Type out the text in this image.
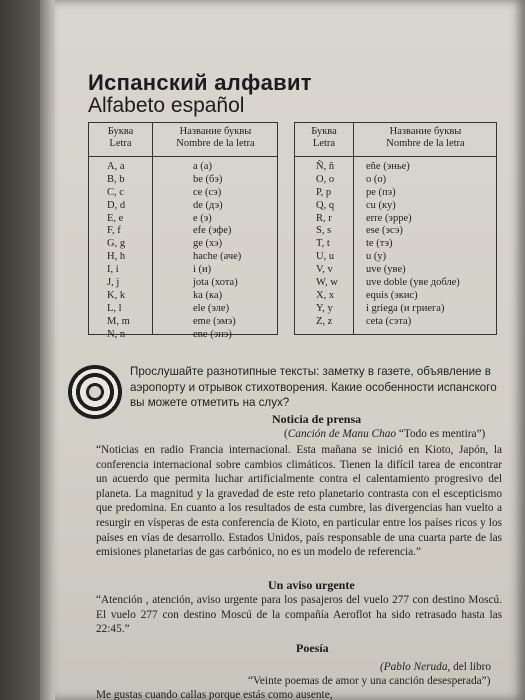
Испанский алфавит
Alfabeto español
Буква
Letra
Название буквы
Nombre de la letra
A, a
B, b
C, c
D, d
E, e
F, f
G, g
H, h
I, i
J, j
K, k
L, l
M, m
N, n
a (а)
be (бэ)
ce (сэ)
de (дэ)
e (э)
efe (эфе)
ge (хэ)
hache (аче)
i (и)
jota (хота)
ka (ка)
ele (эле)
eme (эмэ)
ene (энэ)
Буква
Letra
Название буквы
Nombre de la letra
Ñ, ñ
O, o
P, p
Q, q
R, r
S, s
T, t
U, u
V, v
W, w
X, x
Y, y
Z, z
eñe (энье)
o (о)
pe (пэ)
cu (ку)
erre (эрре)
ese (эсэ)
te (тэ)
u (у)
uve (увe)
uve doble (увe добле)
equis (экис)
i griega (и гриега)
ceta (сэта)
Прослушайте разнотипные тексты: заметку в газете, объявление в аэропорту и отрывок стихотворения. Какие особенности испанского вы можете отметить на слух?
Noticia de prensa
(Canción de Manu Chao “Todo es mentira”)
“Noticias en radio Francia internacional. Esta mañana se inició en Kioto, Japón, la conferencia internacional sobre cambios climáticos. Tienen la difícil tarea de encontrar un acuerdo que permita luchar artificialmente contra el calentamiento progresivo del planeta. La magnitud y la gravedad de este reto planetario contrasta con el escepticismo que predomina. En cuanto a los resultados de esta cumbre, las divergencias han vuelto a resurgir en vísperas de esta conferencia de Kioto, en particular entre los países ricos y los países en vías de desarrollo. Estados Unidos, país responsable de una cuarta parte de las emisiones planetarias de gas carbónico, no es un modelo de referencia.”
Un aviso urgente
“Atención , atención, aviso urgente para los pasajeros del vuelo 277 con destino Moscú. El vuelo 277 con destino Moscú de la compañía Aeroflot ha sido retrasado hasta las 22:45.”
Poesía
(Pablo Neruda, del libro
“Veinte poemas de amor y una canción desesperada”)
Me gustas cuando callas porque estás como ausente,
